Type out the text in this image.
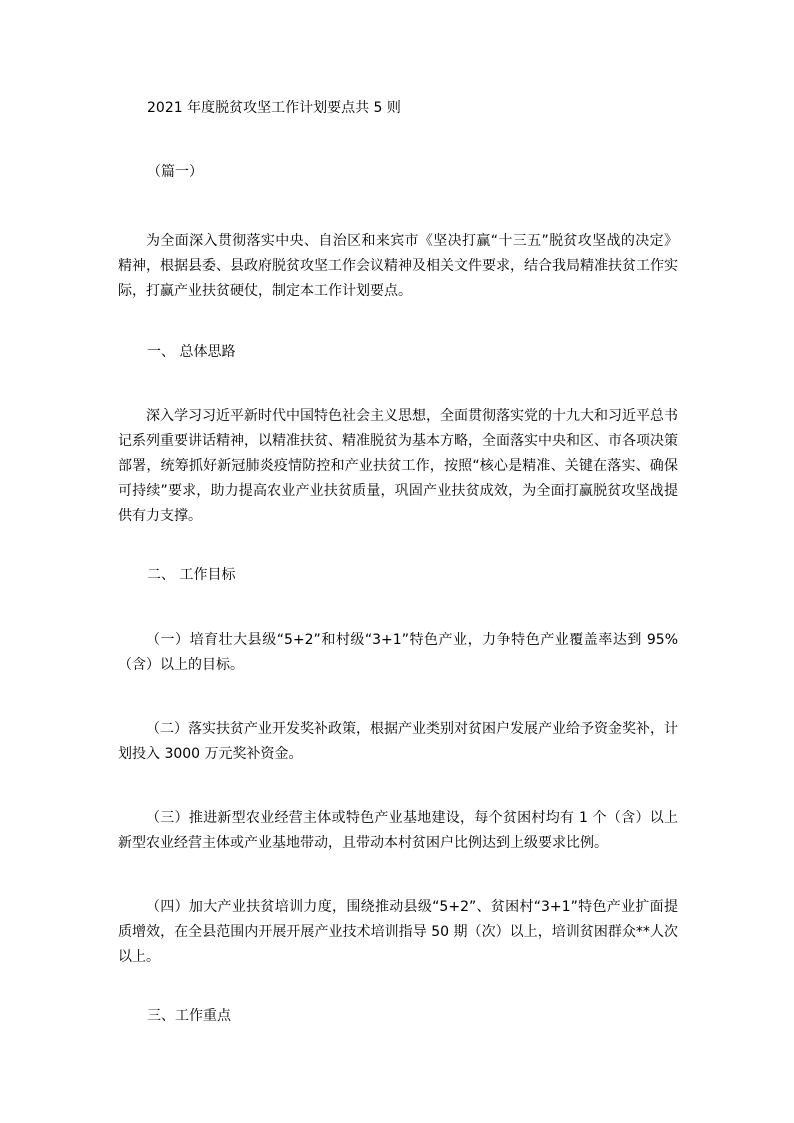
2021 年度脱贫攻坚工作计划要点共 5 则

（篇一）

为全面深入贯彻落实中央、自治区和来宾市《坚决打赢“十三五”脱贫攻坚战的决定》精神，根据县委、县政府脱贫攻坚工作会议精神及相关文件要求，结合我局精准扶贫工作实际，打赢产业扶贫硬仗，制定本工作计划要点。

一、 总体思路

深入学习习近平新时代中国特色社会主义思想，全面贯彻落实党的十九大和习近平总书记系列重要讲话精神，以精准扶贫、精准脱贫为基本方略，全面落实中央和区、市各项决策部署，统筹抓好新冠肺炎疫情防控和产业扶贫工作，按照“核心是精准、关键在落实、确保可持续”要求，助力提高农业产业扶贫质量，巩固产业扶贫成效，为全面打赢脱贫攻坚战提供有力支撑。

二、 工作目标

（一）培育壮大县级“5+2”和村级“3+1”特色产业，力争特色产业覆盖率达到 95%（含）以上的目标。

（二）落实扶贫产业开发奖补政策，根据产业类别对贫困户发展产业给予资金奖补，计划投入 3000 万元奖补资金。

（三）推进新型农业经营主体或特色产业基地建设，每个贫困村均有 1 个（含）以上新型农业经营主体或产业基地带动，且带动本村贫困户比例达到上级要求比例。

（四）加大产业扶贫培训力度，围绕推动县级“5+2”、贫困村“3+1”特色产业扩面提质增效，在全县范围内开展开展产业技术培训指导 50 期（次）以上，培训贫困群众**人次以上。

三、工作重点
